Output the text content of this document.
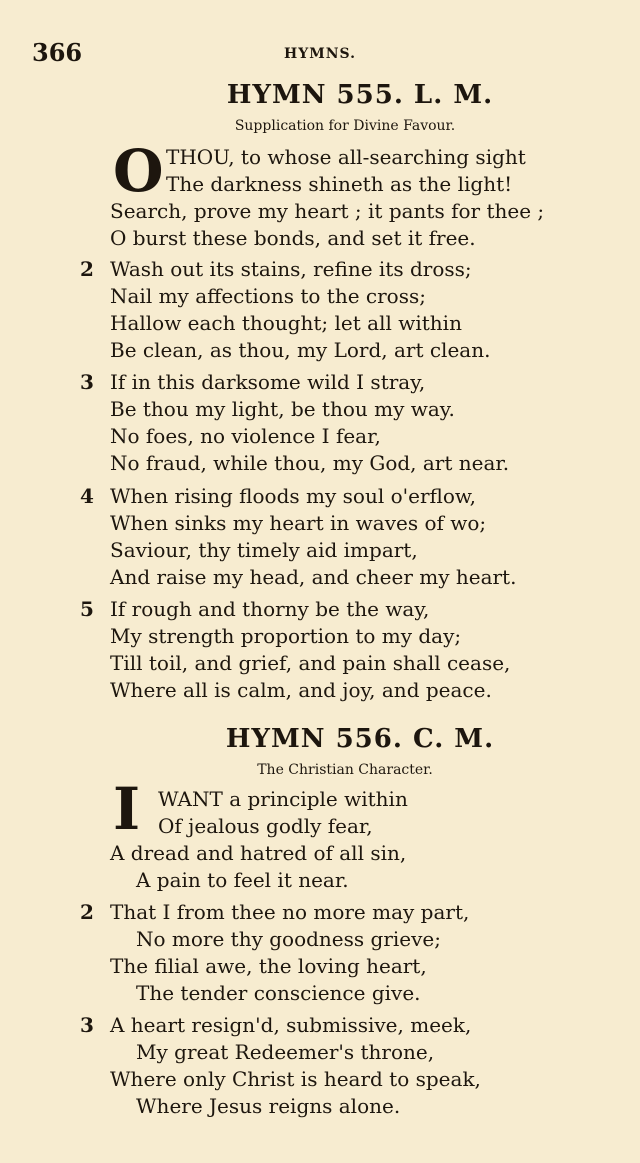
366	HYMNS.
HYMN 555. L. M.
Supplication for Divine Favour.
O THOU, to whose all-searching sight
The darkness shineth as the light!
Search, prove my heart ; it pants for thee ;
O burst these bonds, and set it free.
2 Wash out its stains, refine its dross;
Nail my affections to the cross;
Hallow each thought; let all within
Be clean, as thou, my Lord, art clean.
3 If in this darksome wild I stray,
Be thou my light, be thou my way.
No foes, no violence I fear,
No fraud, while thou, my God, art near.
4 When rising floods my soul o'erflow,
When sinks my heart in waves of wo;
Saviour, thy timely aid impart,
And raise my head, and cheer my heart.
5 If rough and thorny be the way,
My strength proportion to my day;
Till toil, and grief, and pain shall cease,
Where all is calm, and joy, and peace.
HYMN 556. C. M.
The Christian Character.
I WANT a principle within
Of jealous godly fear,
A dread and hatred of all sin,
A pain to feel it near.
2 That I from thee no more may part,
No more thy goodness grieve;
The filial awe, the loving heart,
The tender conscience give.
3 A heart resign'd, submissive, meek,
My great Redeemer's throne,
Where only Christ is heard to speak,
Where Jesus reigns alone.
